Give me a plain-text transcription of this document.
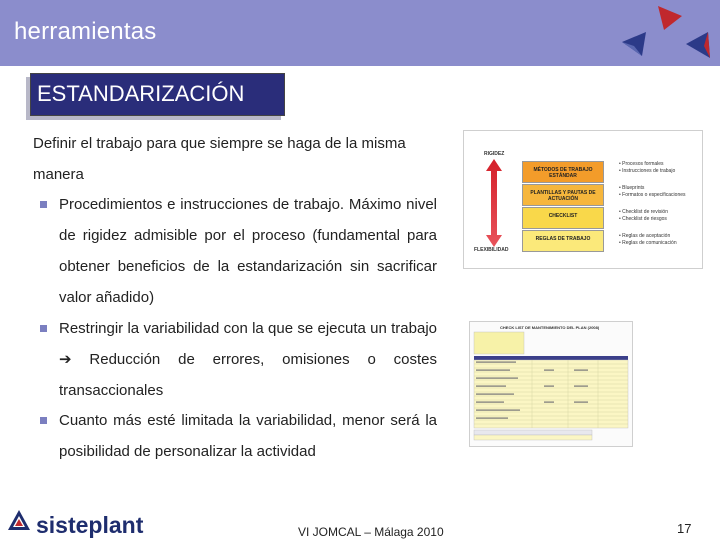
herramientas
ESTANDARIZACIÓN
Definir el trabajo para que siempre se haga de la misma manera
Procedimientos e instrucciones de trabajo. Máximo nivel de rigidez admisible por el proceso (fundamental para obtener beneficios de la estandarización sin sacrificar valor añadido)
Restringir la variabilidad con la que se ejecuta un trabajo ➔ Reducción de errores, omisiones o costes transaccionales
Cuanto más esté limitada la variabilidad, menor será la posibilidad de personalizar la actividad
RIGIDEZ
FLEXIBILIDAD
MÉTODOS DE TRABAJO ESTÁNDAR
PLANTILLAS Y PAUTAS DE ACTUACIÓN
CHECKLIST
REGLAS DE TRABAJO
• Procesos formales
• Instrucciones de trabajo
• Blueprints
• Formatos o especificaciones
• Checklist de revisión
• Checklist de riesgos
• Reglas de aceptación
• Reglas de comunicación
CHECK LIST DE MANTENIMIENTO DEL PLAN (2008)
sisteplant	VI JOMCAL – Málaga 2010	17
